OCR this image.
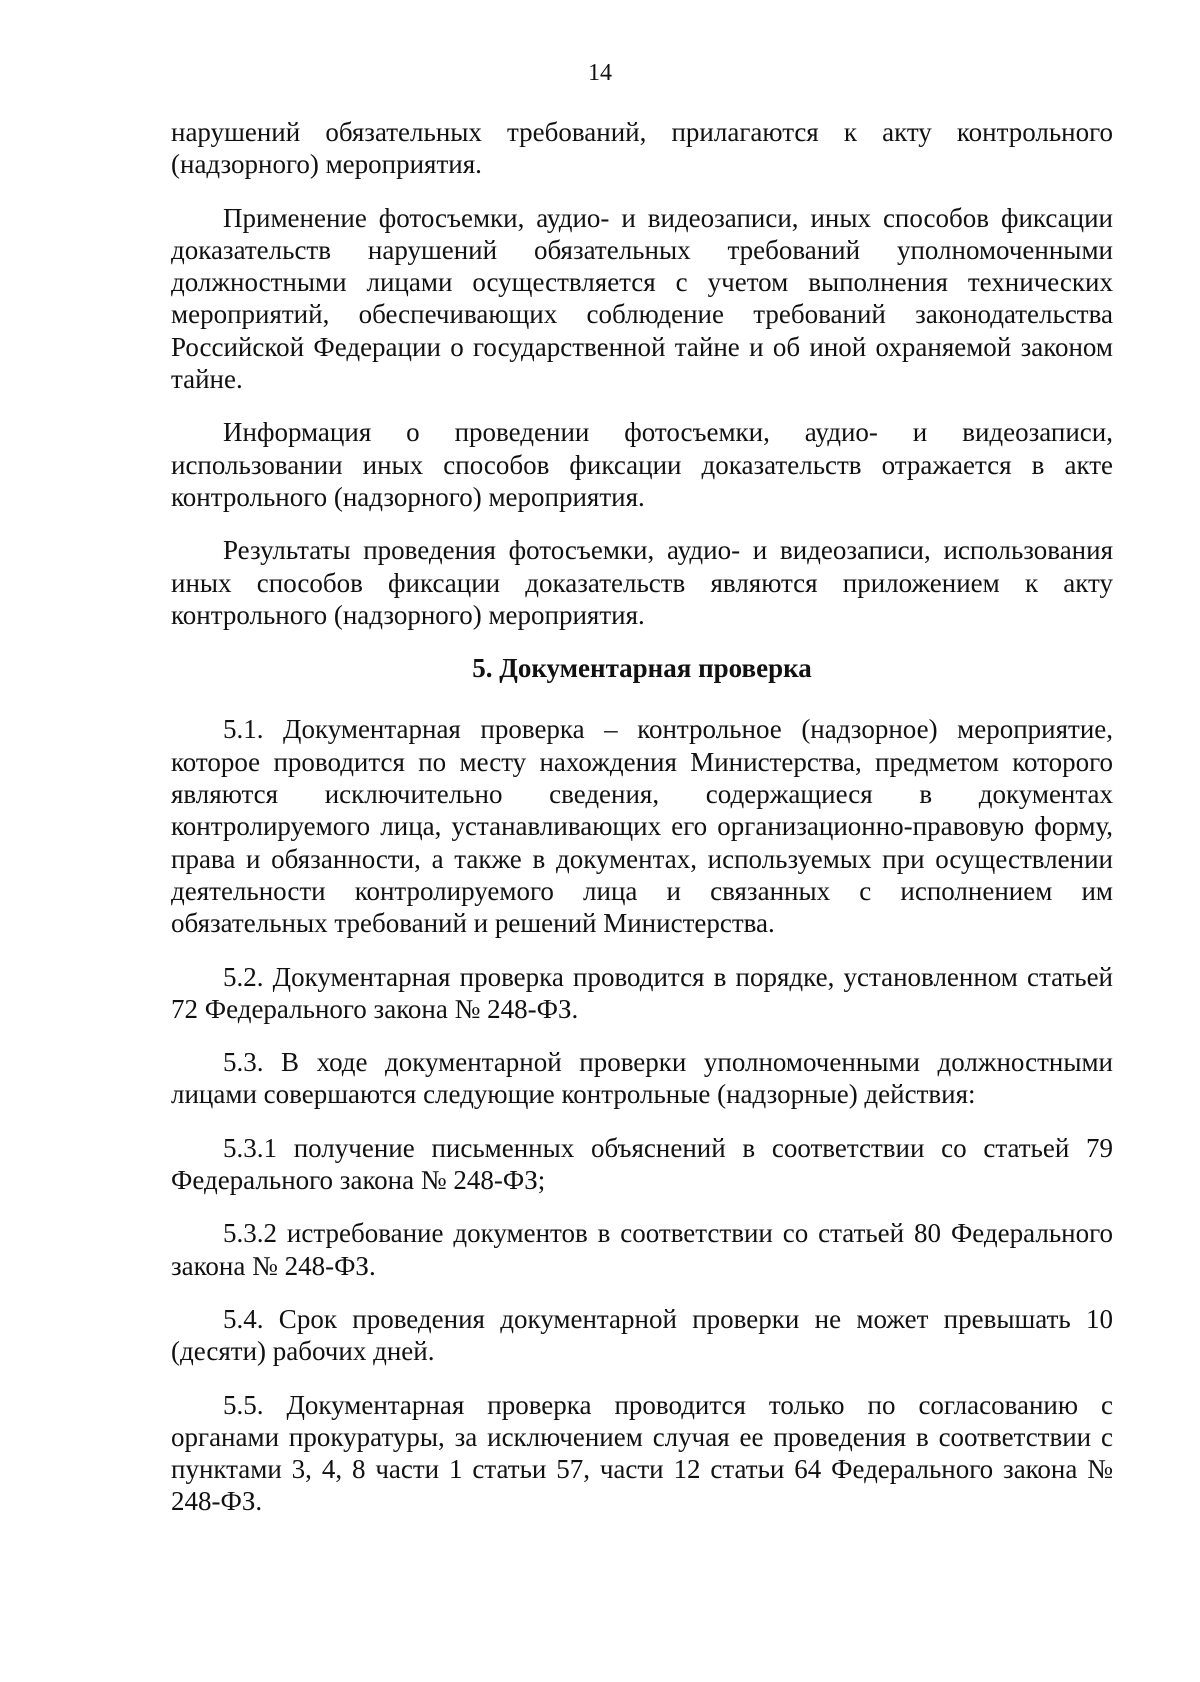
14

нарушений обязательных требований, прилагаются к акту контрольного (надзорного) мероприятия.

Применение фотосъемки, аудио- и видеозаписи, иных способов фиксации доказательств нарушений обязательных требований уполномоченными должностными лицами осуществляется с учетом выполнения технических мероприятий, обеспечивающих соблюдение требований законодательства Российской Федерации о государственной тайне и об иной охраняемой законом тайне.

Информация о проведении фотосъемки, аудио- и видеозаписи, использовании иных способов фиксации доказательств отражается в акте контрольного (надзорного) мероприятия.

Результаты проведения фотосъемки, аудио- и видеозаписи, использования иных способов фиксации доказательств являются приложением к акту контрольного (надзорного) мероприятия.

5. Документарная проверка

5.1. Документарная проверка – контрольное (надзорное) мероприятие, которое проводится по месту нахождения Министерства, предметом которого являются исключительно сведения, содержащиеся в документах контролируемого лица, устанавливающих его организационно-правовую форму, права и обязанности, а также в документах, используемых при осуществлении деятельности контролируемого лица и связанных с исполнением им обязательных требований и решений Министерства.

5.2. Документарная проверка проводится в порядке, установленном статьей 72 Федерального закона № 248-ФЗ.

5.3. В ходе документарной проверки уполномоченными должностными лицами совершаются следующие контрольные (надзорные) действия:

5.3.1 получение письменных объяснений в соответствии со статьей 79 Федерального закона № 248-ФЗ;

5.3.2 истребование документов в соответствии со статьей 80 Федерального закона № 248-ФЗ.

5.4. Срок проведения документарной проверки не может превышать 10 (десяти) рабочих дней.

5.5. Документарная проверка проводится только по согласованию с органами прокуратуры, за исключением случая ее проведения в соответствии с пунктами 3, 4, 8 части 1 статьи 57, части 12 статьи 64 Федерального закона № 248-ФЗ.
